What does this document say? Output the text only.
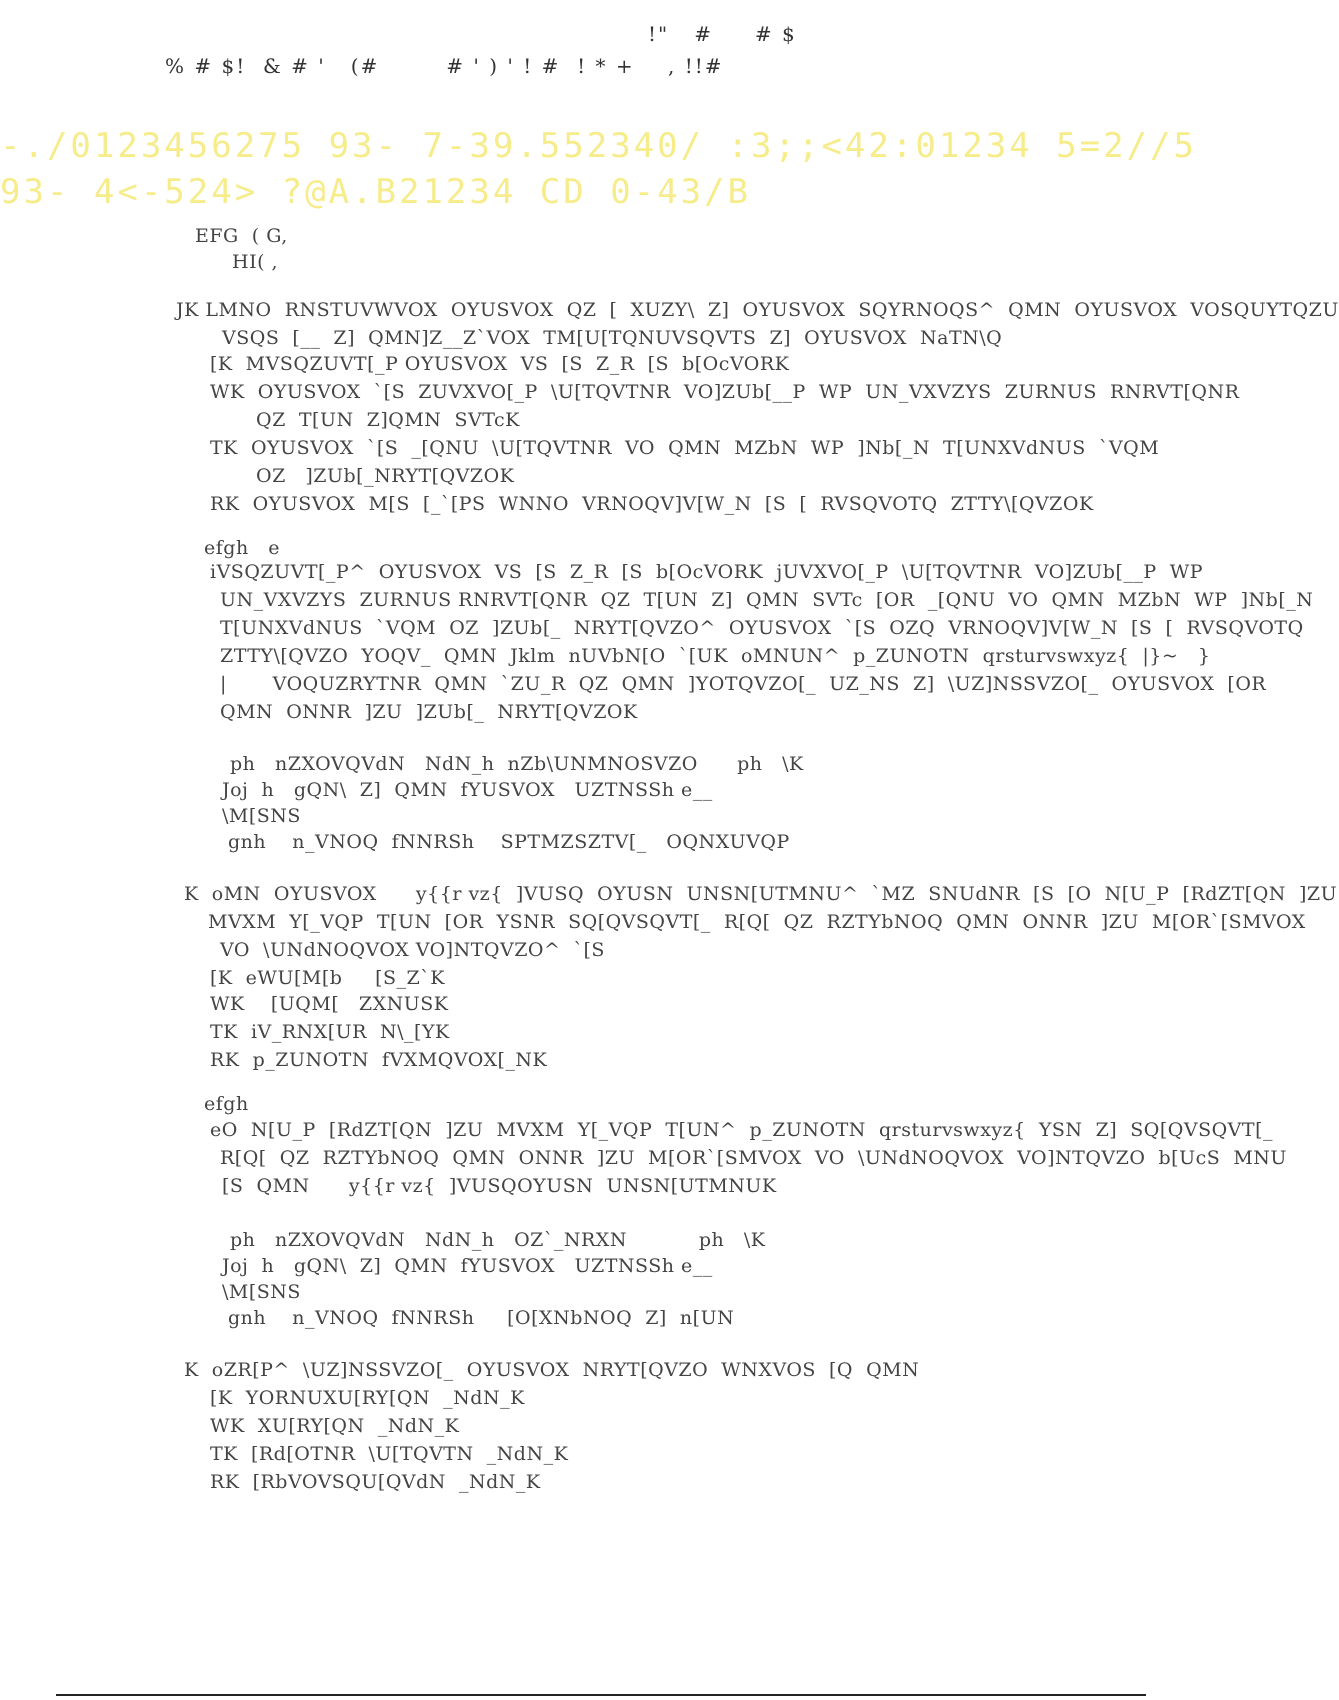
!"   #     # $
% # $!  & # '   (#        # ' ) ' ! #  ! * +    , !!#
-./0123456275 93- 7-39.552340/ :3;;<42:01234 5=2//5
93- 4<-524> ?@A.B21234 CD 0-43/B
EFG  ( G,
HI( ,
JK LMNO  RNSTUVWVOX  OYUSVOX  QZ  [  XUZY\  Z]  OYUSVOX  SQYRNOQS^  QMN  OYUSVOX  VOSQUYTQZU
VSQS  [__  Z]  QMN]Z__Z`VOX  TM[U[TQNUVSQVTS  Z]  OYUSVOX  NaTN\Q
[K  MVSQZUVT[_P OYUSVOX  VS  [S  Z_R  [S  b[OcVORK
WK  OYUSVOX  `[S  ZUVXVO[_P  \U[TQVTNR  VO]ZUb[__P  WP  UN_VXVZYS  ZURNUS  RNRVT[QNR
QZ  T[UN  Z]QMN  SVTcK
TK  OYUSVOX  `[S  _[QNU  \U[TQVTNR  VO  QMN  MZbN  WP  ]Nb[_N  T[UNXVdNUS  `VQM
OZ   ]ZUb[_NRYT[QVZOK
RK  OYUSVOX  M[S  [_`[PS  WNNO  VRNOQV]V[W_N  [S  [  RVSQVOTQ  ZTTY\[QVZOK
efgh   e
iVSQZUVT[_P^  OYUSVOX  VS  [S  Z_R  [S  b[OcVORK  jUVXVO[_P  \U[TQVTNR  VO]ZUb[__P  WP
UN_VXVZYS  ZURNUS RNRVT[QNR  QZ  T[UN  Z]  QMN  SVTc  [OR  _[QNU  VO  QMN  MZbN  WP  ]Nb[_N
T[UNXVdNUS  `VQM  OZ  ]ZUb[_  NRYT[QVZO^  OYUSVOX  `[S  OZQ  VRNOQV]V[W_N  [S  [  RVSQVOTQ
ZTTY\[QVZO  YOQV_  QMN  Jklm  nUVbN[O  `[UK  oMNUN^  p_ZUNOTN  qrsturvswxyz{  |}~   }
|       VOQUZRYTNR  QMN  `ZU_R  QZ  QMN  ]YOTQVZO[_  UZ_NS  Z]  \UZ]NSSVZO[_  OYUSVOX  [OR
QMN  ONNR  ]ZU  ]ZUb[_  NRYT[QVZOK
ph   nZXOVQVdN   NdN_h  nZb\UNMNOSVZO      ph   \K
Joj  h   gQN\  Z]  QMN  fYUSVOX   UZTNSSh e__
\M[SNS
gnh    n_VNOQ  fNNRSh    SPTMZSZTV[_   OQNXUVQP
K  oMN  OYUSVOX      y{{r vz{  ]VUSQ  OYUSN  UNSN[UTMNU^  `MZ  SNUdNR  [S  [O  N[U_P  [RdZT[QN  ]ZU
MVXM  Y[_VQP  T[UN  [OR  YSNR  SQ[QVSQVT[_  R[Q[  QZ  RZTYbNOQ  QMN  ONNR  ]ZU  M[OR`[SMVOX
VO  \UNdNOQVOX VO]NTQVZO^  `[S
[K  eWU[M[b     [S_Z`K
WK    [UQM[   ZXNUSK
TK  iV_RNX[UR  N\_[YK
RK  p_ZUNOTN  fVXMQVOX[_NK
efgh
eO  N[U_P  [RdZT[QN  ]ZU  MVXM  Y[_VQP  T[UN^  p_ZUNOTN  qrsturvswxyz{  YSN  Z]  SQ[QVSQVT[_
R[Q[  QZ  RZTYbNOQ  QMN  ONNR  ]ZU  M[OR`[SMVOX  VO  \UNdNOQVOX  VO]NTQVZO  b[UcS  MNU
[S  QMN      y{{r vz{  ]VUSQOYUSN  UNSN[UTMNUK
ph   nZXOVQVdN   NdN_h   OZ`_NRXN           ph   \K
Joj  h   gQN\  Z]  QMN  fYUSVOX   UZTNSSh e__
\M[SNS
gnh    n_VNOQ  fNNRSh     [O[XNbNOQ  Z]  n[UN
K  oZR[P^  \UZ]NSSVZO[_  OYUSVOX  NRYT[QVZO  WNXVOS  [Q  QMN
[K  YORNUXU[RY[QN  _NdN_K
WK  XU[RY[QN  _NdN_K
TK  [Rd[OTNR  \U[TQVTN  _NdN_K
RK  [RbVOVSQU[QVdN  _NdN_K
